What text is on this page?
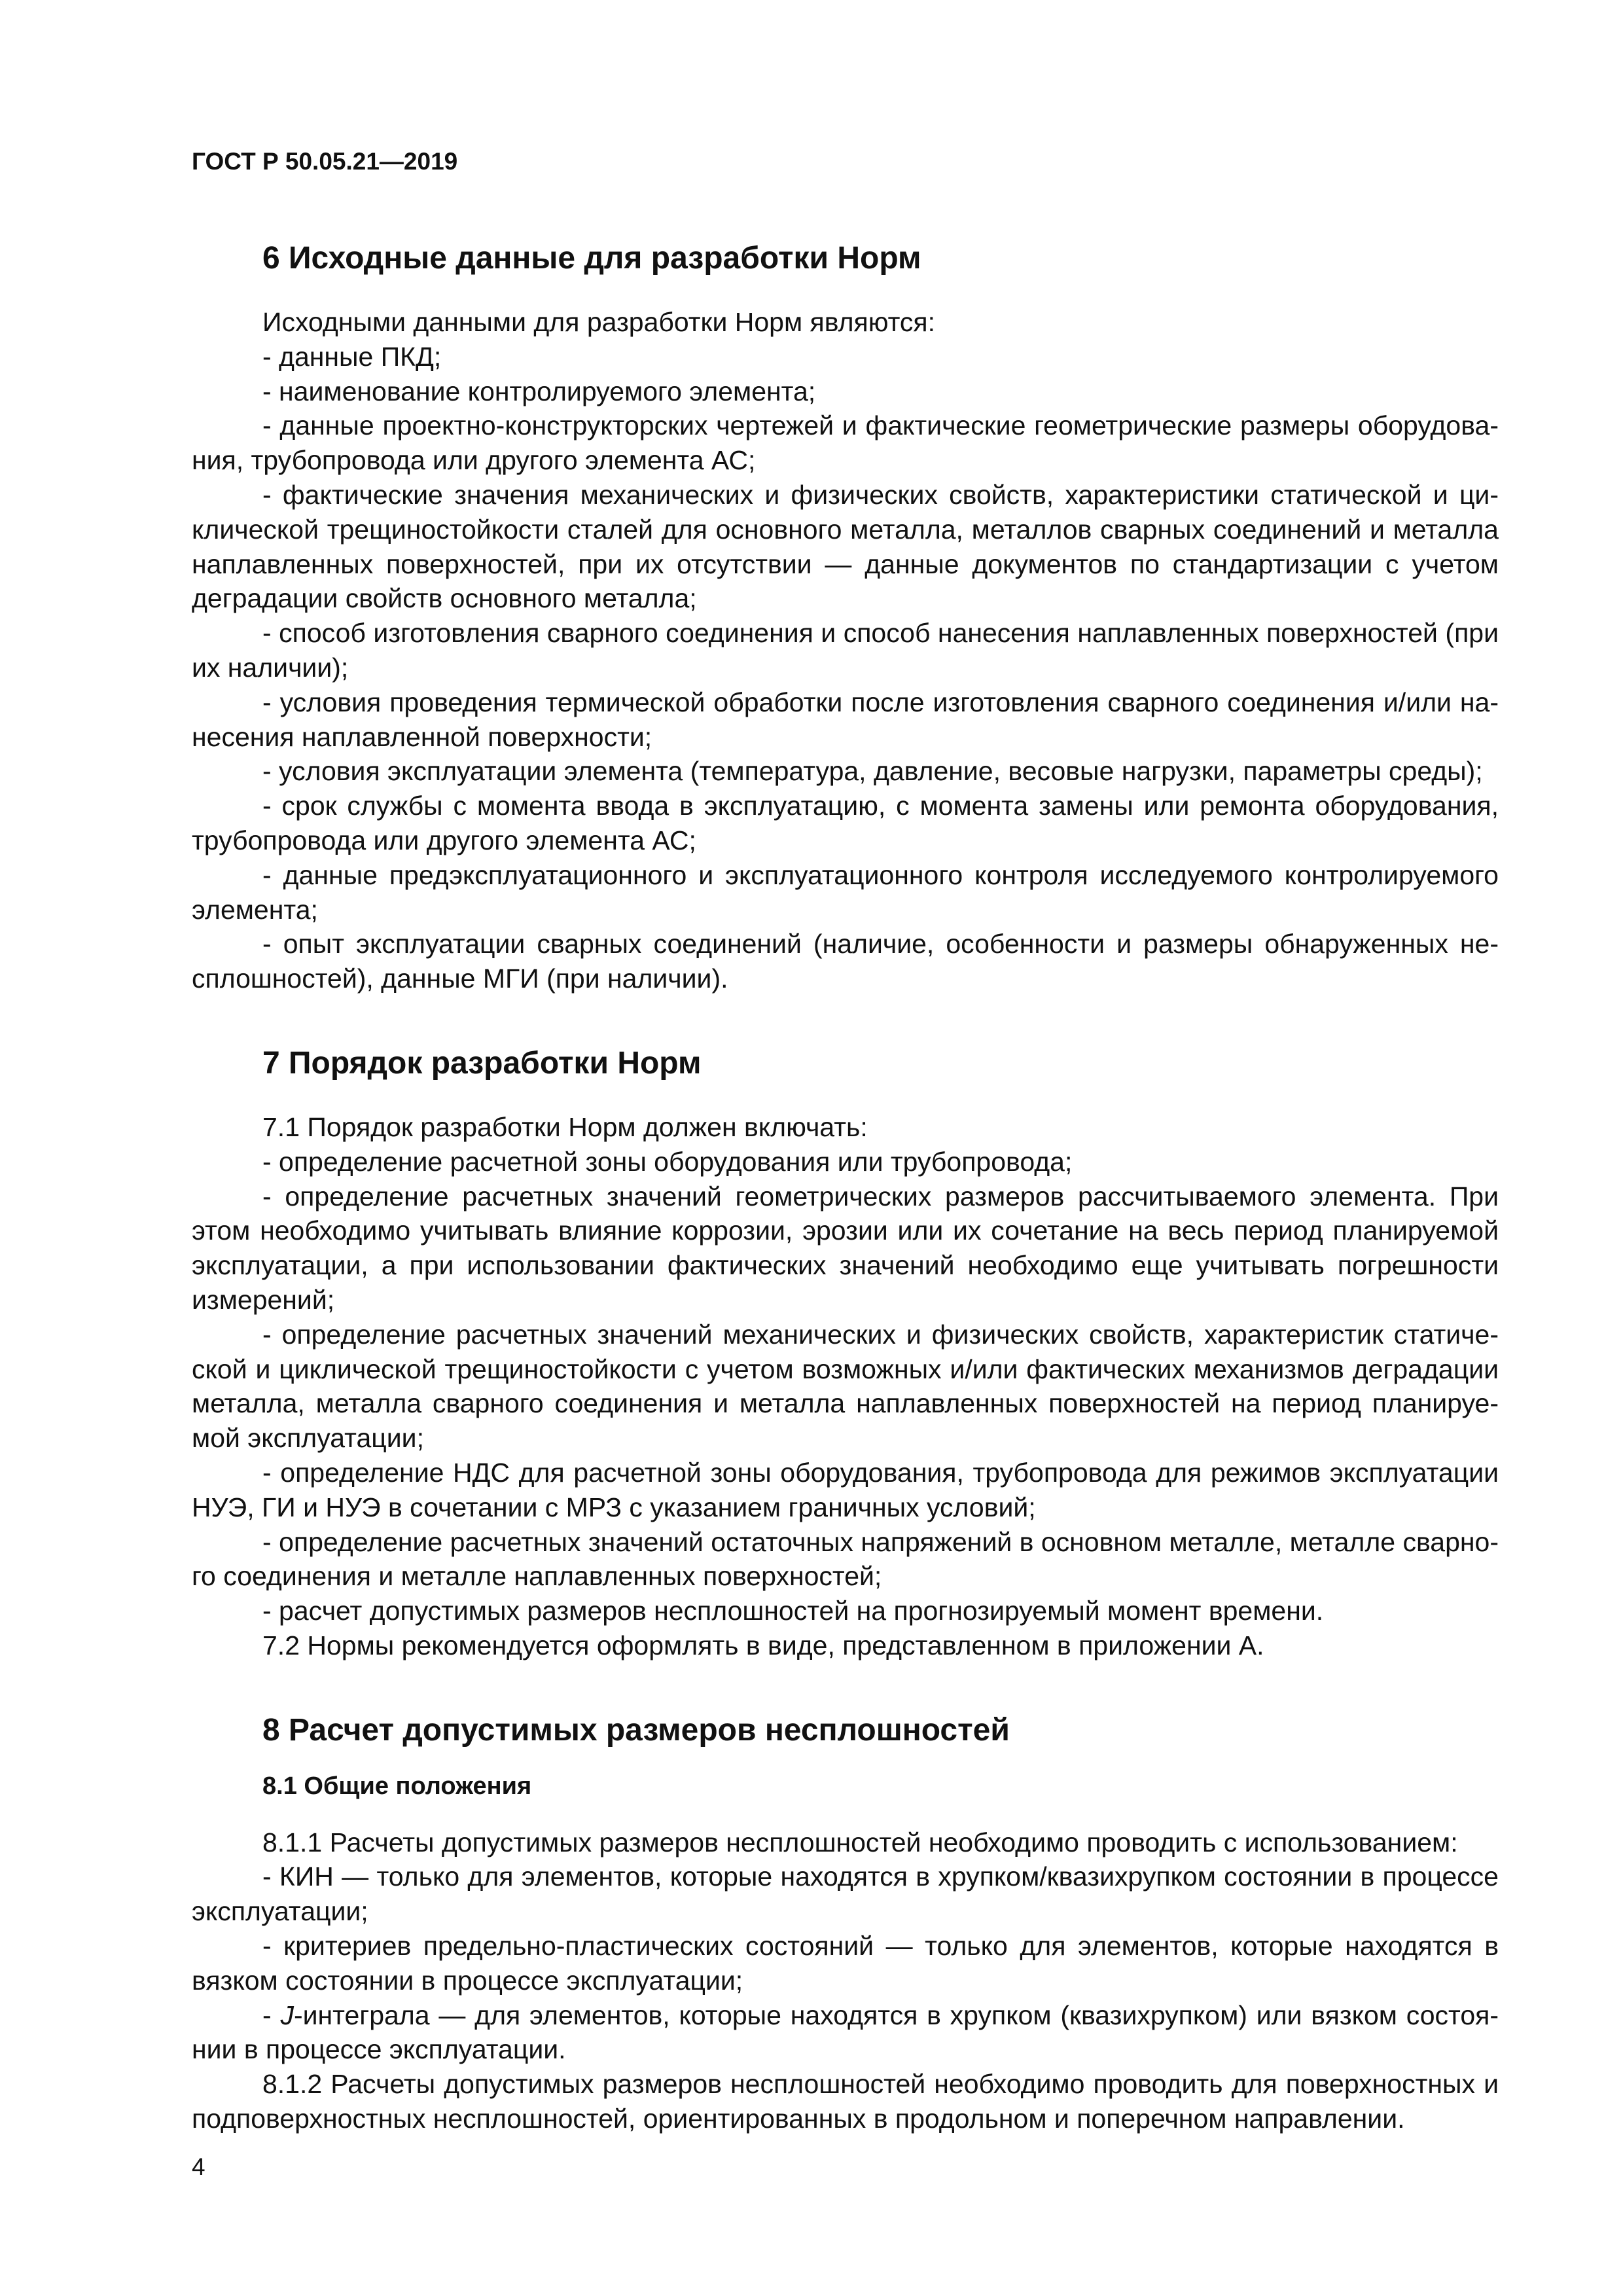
ГОСТ Р 50.05.21—2019
6 Исходные данные для разработки Норм

Исходными данными для разработки Норм являются:

- данные ПКД;

- наименование контролируемого элемента;

- данные проектно-конструкторских чертежей и фактические геометрические размеры оборудования, трубопровода или другого элемента АС;

- фактические значения механических и физических свойств, характеристики статической и циклической трещиностойкости сталей для основного металла, металлов сварных соединений и металла наплавленных поверхностей, при их отсутствии — данные документов по стандартизации с учетом деградации свойств основного металла;

- способ изготовления сварного соединения и способ нанесения наплавленных поверхностей (при их наличии);

- условия проведения термической обработки после изготовления сварного соединения и/или нанесения наплавленной поверхности;

- условия эксплуатации элемента (температура, давление, весовые нагрузки, параметры среды);

- срок службы с момента ввода в эксплуатацию, с момента замены или ремонта оборудования, трубопровода или другого элемента АС;

- данные предэксплуатационного и эксплуатационного контроля исследуемого контролируемого элемента;

- опыт эксплуатации сварных соединений (наличие, особенности и размеры обнаруженных несплошностей), данные МГИ (при наличии).

7 Порядок разработки Норм

7.1 Порядок разработки Норм должен включать:

- определение расчетной зоны оборудования или трубопровода;

- определение расчетных значений геометрических размеров рассчитываемого элемента. При этом необходимо учитывать влияние коррозии, эрозии или их сочетание на весь период планируемой эксплуатации, а при использовании фактических значений необходимо еще учитывать погрешности измерений;

- определение расчетных значений механических и физических свойств, характеристик статической и циклической трещиностойкости с учетом возможных и/или фактических механизмов деградации металла, металла сварного соединения и металла наплавленных поверхностей на период планируемой эксплуатации;

- определение НДС для расчетной зоны оборудования, трубопровода для режимов эксплуатации НУЭ, ГИ и НУЭ в сочетании с МРЗ с указанием граничных условий;

- определение расчетных значений остаточных напряжений в основном металле, металле сварного соединения и металле наплавленных поверхностей;

- расчет допустимых размеров несплошностей на прогнозируемый момент времени.

7.2 Нормы рекомендуется оформлять в виде, представленном в приложении А.

8 Расчет допустимых размеров несплошностей
8.1 Общие положения

8.1.1 Расчеты допустимых размеров несплошностей необходимо проводить с использованием:

- КИН — только для элементов, которые находятся в хрупком/квазихрупком состоянии в процессе эксплуатации;

- критериев предельно-пластических состояний — только для элементов, которые находятся в вязком состоянии в процессе эксплуатации;

- J-интеграла — для элементов, которые находятся в хрупком (квазихрупком) или вязком состоянии в процессе эксплуатации.

8.1.2 Расчеты допустимых размеров несплошностей необходимо проводить для поверхностных и подповерхностных несплошностей, ориентированных в продольном и поперечном направлении.

4
